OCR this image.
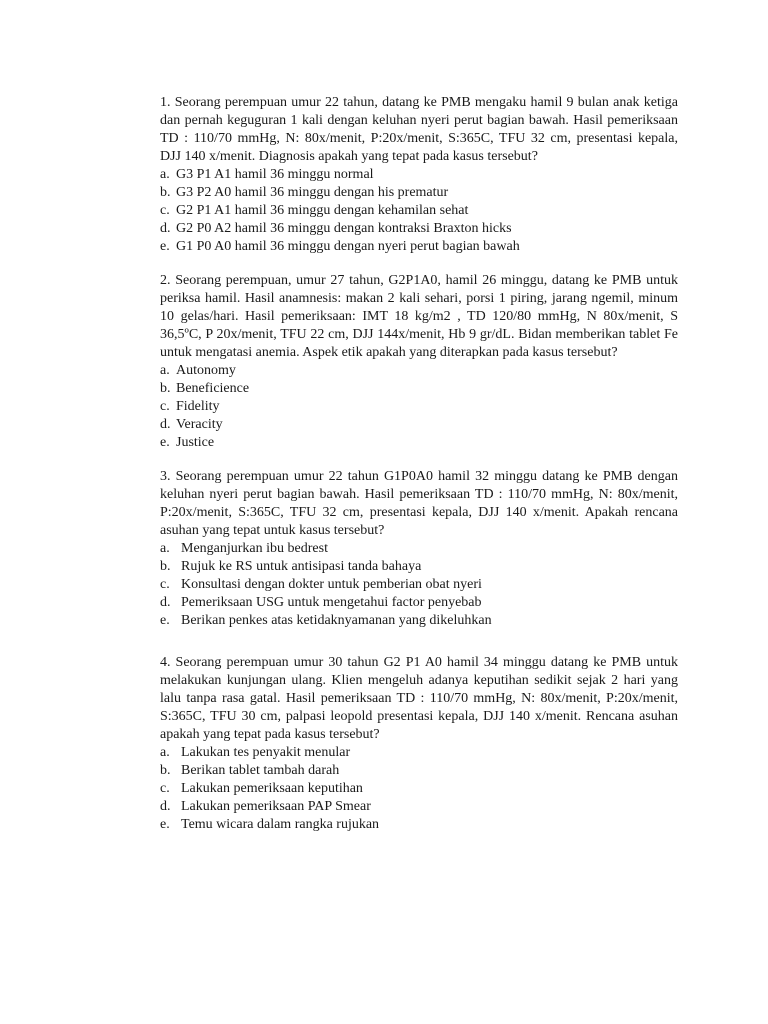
1. Seorang perempuan umur 22 tahun, datang ke PMB mengaku hamil 9 bulan anak ketiga dan pernah keguguran 1 kali dengan keluhan nyeri perut bagian bawah. Hasil pemeriksaan TD : 110/70 mmHg, N: 80x/menit, P:20x/menit, S:365C, TFU 32 cm, presentasi kepala, DJJ 140 x/menit. Diagnosis apakah yang tepat pada kasus tersebut?

a. G3 P1 A1 hamil 36 minggu normal
b. G3 P2 A0 hamil 36 minggu dengan his prematur
c. G2 P1 A1 hamil 36 minggu dengan kehamilan sehat
d. G2 P0 A2 hamil 36 minggu dengan kontraksi Braxton hicks
e. G1 P0 A0 hamil 36 minggu dengan nyeri perut bagian bawah

2. Seorang perempuan, umur 27 tahun, G2P1A0, hamil 26 minggu, datang ke PMB untuk periksa hamil. Hasil anamnesis: makan 2 kali sehari, porsi 1 piring, jarang ngemil, minum 10 gelas/hari. Hasil pemeriksaan: IMT 18 kg/m2 , TD 120/80 mmHg, N 80x/menit, S 36,5ºC, P 20x/menit, TFU 22 cm, DJJ 144x/menit, Hb 9 gr/dL. Bidan memberikan tablet Fe untuk mengatasi anemia. Aspek etik apakah yang diterapkan pada kasus tersebut?

a. Autonomy
b. Beneficience
c. Fidelity
d. Veracity
e. Justice

3. Seorang perempuan umur 22 tahun G1P0A0 hamil 32 minggu datang ke PMB dengan keluhan nyeri perut bagian bawah. Hasil pemeriksaan TD : 110/70 mmHg, N: 80x/menit, P:20x/menit, S:365C, TFU 32 cm, presentasi kepala, DJJ 140 x/menit. Apakah rencana asuhan yang tepat untuk kasus tersebut?

a. Menganjurkan ibu bedrest
b. Rujuk ke RS untuk antisipasi tanda bahaya
c. Konsultasi dengan dokter untuk pemberian obat nyeri
d. Pemeriksaan USG untuk mengetahui factor penyebab
e. Berikan penkes atas ketidaknyamanan yang dikeluhkan

4. Seorang perempuan umur 30 tahun G2 P1 A0 hamil 34 minggu datang ke PMB untuk melakukan kunjungan ulang. Klien mengeluh adanya keputihan sedikit sejak 2 hari yang lalu tanpa rasa gatal. Hasil pemeriksaan TD : 110/70 mmHg, N: 80x/menit, P:20x/menit, S:365C, TFU 30 cm, palpasi leopold presentasi kepala, DJJ 140 x/menit. Rencana asuhan apakah yang tepat pada kasus tersebut?

a. Lakukan tes penyakit menular
b. Berikan tablet tambah darah
c. Lakukan pemeriksaan keputihan
d. Lakukan pemeriksaan PAP Smear
e. Temu wicara dalam rangka rujukan
